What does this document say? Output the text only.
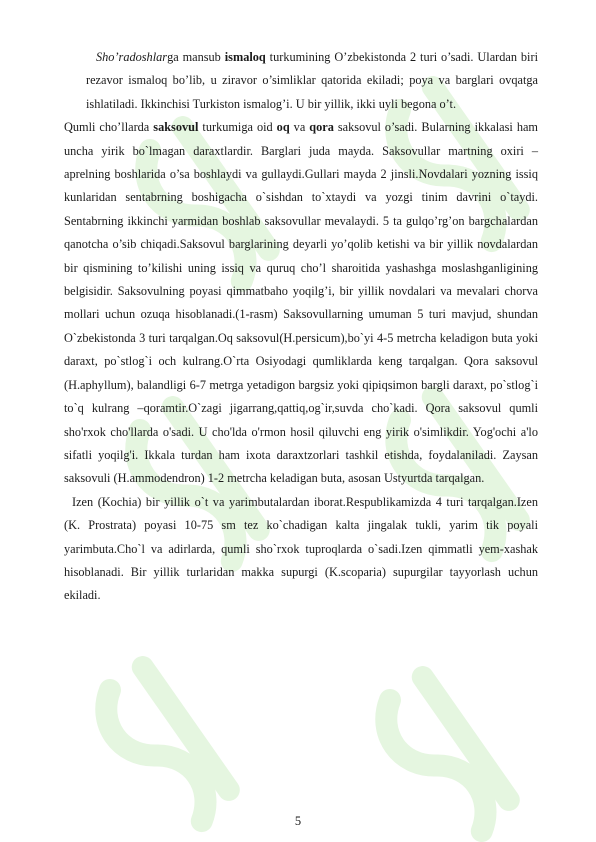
Sho’radoshlarga mansub ismaloq turkumining O’zbekistonda 2 turi o’sadi. Ulardan biri rezavor ismaloq bo’lib, u ziravor o’simliklar qatorida ekiladi; poya va barglari ovqatga ishlatiladi. Ikkinchisi Turkiston ismalog’i. U bir yillik, ikki uyli begona o’t.

Qumli cho’llarda saksovul turkumiga oid oq va qora saksovul o’sadi. Bularning ikkalasi ham uncha yirik bo`lmagan daraxtlardir. Barglari juda mayda. Saksovullar martning oxiri – aprelning boshlarida o’sa boshlaydi va gullaydi.Gullari mayda 2 jinsli.Novdalari yozning issiq kunlaridan sentabrning boshigacha o`sishdan to`xtaydi va yozgi tinim davrini o`taydi. Sentabrning ikkinchi yarmidan boshlab saksovullar mevalaydi. 5 ta gulqo’rg’on bargchalardan qanotcha o’sib chiqadi.Saksovul barglarining deyarli yo’qolib ketishi va bir yillik novdalardan bir qismining to’kilishi uning issiq va quruq cho’l sharoitida yashashga moslashganligining belgisidir. Saksovulning poyasi qimmatbaho yoqilg’i, bir yillik novdalari va mevalari chorva mollari uchun ozuqa hisoblanadi.(1-rasm) Saksovullarning umuman 5 turi mavjud, shundan O`zbekistonda 3 turi tarqalgan.Oq saksovul(H.persicum),bo`yi 4-5 metrcha keladigon buta yoki daraxt, po`stlog`i och kulrang.O`rta Osiyodagi qumliklarda keng tarqalgan. Qora saksovul (H.aphyllum), balandligi 6-7 metrga yetadigon bargsiz yoki qipiqsimon bargli daraxt, po`stlog`i to`q kulrang –qoramtir.O`zagi jigarrang,qattiq,og`ir,suvda cho`kadi. Qora saksovul qumli sho'rxok cho'llarda o'sadi. U cho'lda o'rmon hosil qiluvchi eng yirik o'simlikdir. Yog'ochi a'lo sifatli yoqilg'i. Ikkala turdan ham ixota daraxtzorlari tashkil etishda, foydalaniladi. Zaysan saksovuli (H.ammodendron) 1-2 metrcha keladigan buta, asosan Ustyurtda tarqalgan.

Izen (Kochia) bir yillik o`t va yarimbutalardan iborat.Respublikamizda 4 turi tarqalgan.Izen (K. Prostrata) poyasi 10-75 sm tez ko`chadigan kalta jingalak tukli, yarim tik poyali yarimbuta.Cho`l va adirlarda, qumli sho`rxok tuproqlarda o`sadi.Izen qimmatli yem-xashak hisoblanadi. Bir yillik turlaridan makka supurgi (K.scoparia) supurgilar tayyorlash uchun ekiladi.

5
